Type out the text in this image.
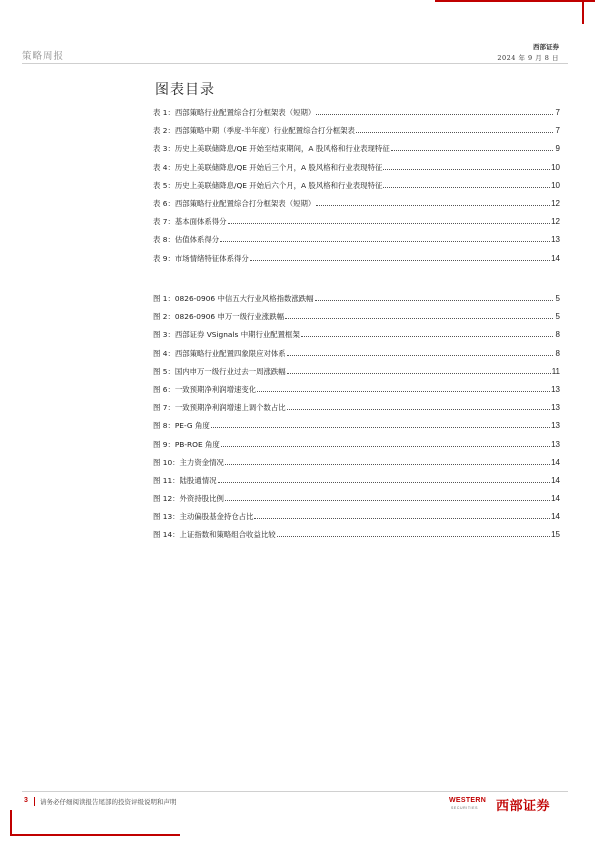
策略周报
西部证券
2024 年 9 月 8 日
图表目录
表 1：西部策略行业配置综合打分框架表（短期）	7
表 2：西部策略中期（季度-半年度）行业配置综合打分框架表	7
表 3：历史上美联储降息/QE 开始至结束期间，A 股风格和行业表现特征	9
表 4：历史上美联储降息/QE 开始后三个月，A 股风格和行业表现特征	10
表 5：历史上美联储降息/QE 开始后六个月，A 股风格和行业表现特征	10
表 6：西部策略行业配置综合打分框架表（短期）	12
表 7：基本面体系得分	12
表 8：估值体系得分	13
表 9：市场情绪特征体系得分	14
图 1：0826-0906 中信五大行业风格指数涨跌幅	5
图 2：0826-0906 申万一级行业涨跌幅	5
图 3：西部证券 VSignals 中期行业配置框架	8
图 4：西部策略行业配置四象限应对体系	8
图 5：国内申万一级行业过去一周涨跌幅	11
图 6：一致预期净利润增速变化	13
图 7：一致预期净利润增速上调个数占比	13
图 8：PE-G 角度	13
图 9：PB-ROE 角度	13
图 10：主力资金情况	14
图 11：陆股通情况	14
图 12：外资持股比例	14
图 13：主动偏股基金持仓占比	14
图 14：上证指数和策略组合收益比较	15
3 请务必仔细阅读报告尾部的投资评级说明和声明	WESTERN
SECURITIES 西部证券
